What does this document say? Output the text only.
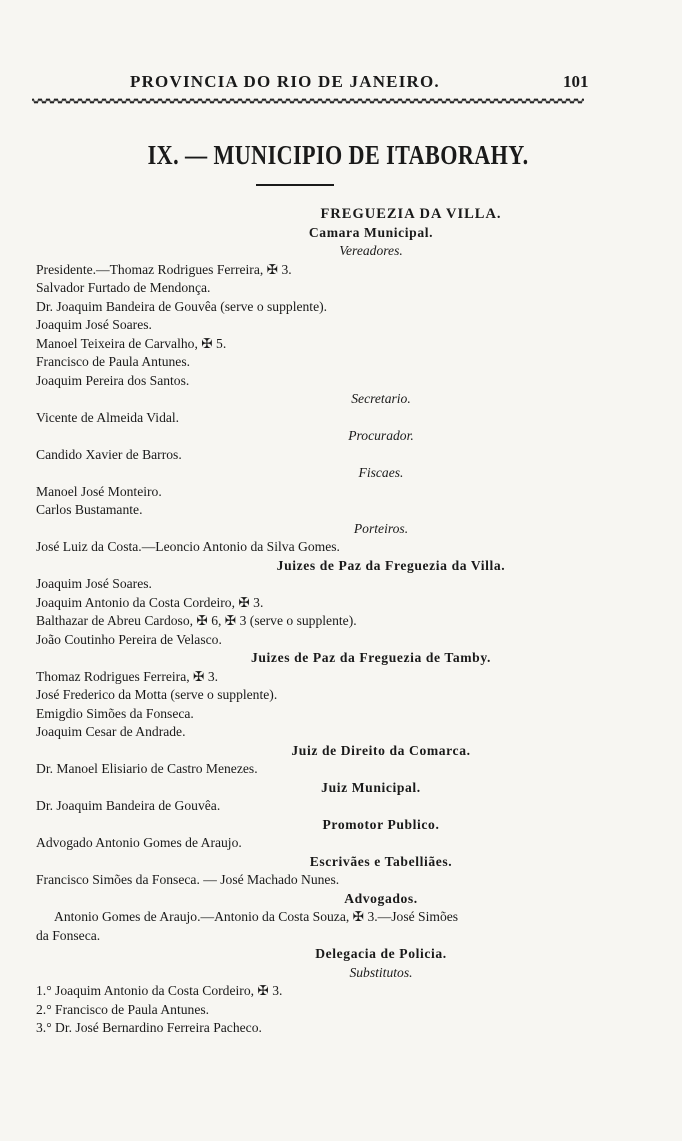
PROVINCIA DO RIO DE JANEIRO.	101
IX. — MUNICIPIO DE ITABORAHY.
FREGUEZIA DA VILLA.
Camara Municipal.
Vereadores.
Presidente.—Thomaz Rodrigues Ferreira, ✠ 3.
Salvador Furtado de Mendonça.
Dr. Joaquim Bandeira de Gouvêa (serve o supplente).
Joaquim José Soares.
Manoel Teixeira de Carvalho, ✠ 5.
Francisco de Paula Antunes.
Joaquim Pereira dos Santos.
Secretario.
Vicente de Almeida Vidal.
Procurador.
Candido Xavier de Barros.
Fiscaes.
Manoel José Monteiro.
Carlos Bustamante.
Porteiros.
José Luiz da Costa.—Leoncio Antonio da Silva Gomes.
Juizes de Paz da Freguezia da Villa.
Joaquim José Soares.
Joaquim Antonio da Costa Cordeiro, ✠ 3.
Balthazar de Abreu Cardoso, ✠ 6, ✠ 3 (serve o supplente).
João Coutinho Pereira de Velasco.
Juizes de Paz da Freguezia de Tamby.
Thomaz Rodrigues Ferreira, ✠ 3.
José Frederico da Motta (serve o supplente).
Emigdio Simões da Fonseca.
Joaquim Cesar de Andrade.
Juiz de Direito da Comarca.
Dr. Manoel Elisiario de Castro Menezes.
Juiz Municipal.
Dr. Joaquim Bandeira de Gouvêa.
Promotor Publico.
Advogado Antonio Gomes de Araujo.
Escrivães e Tabelliães.
Francisco Simões da Fonseca. — José Machado Nunes.
Advogados.
Antonio Gomes de Araujo.—Antonio da Costa Souza, ✠ 3.—José Simões
da Fonseca.
Delegacia de Policia.
Substitutos.
1.° Joaquim Antonio da Costa Cordeiro, ✠ 3.
2.° Francisco de Paula Antunes.
3.° Dr. José Bernardino Ferreira Pacheco.
